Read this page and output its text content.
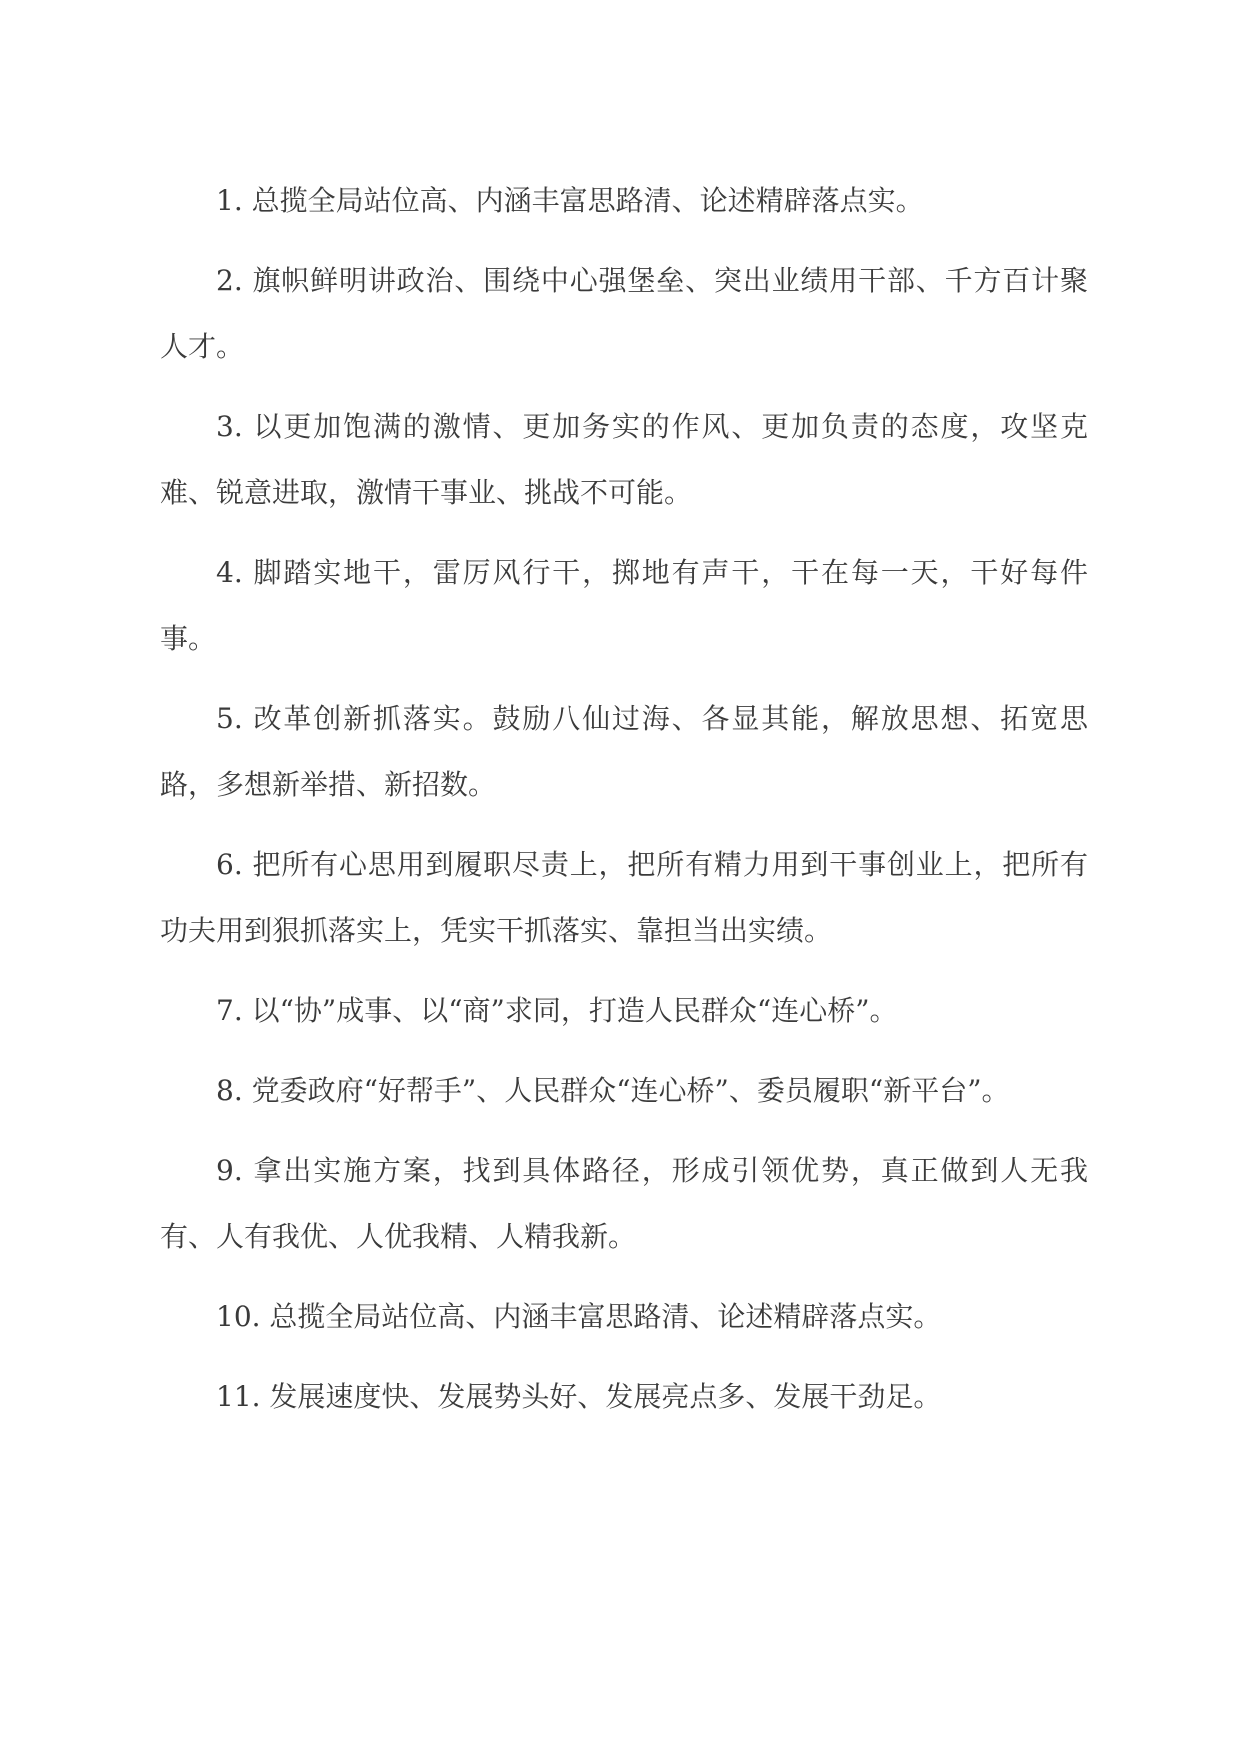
1. 总揽全局站位高、内涵丰富思路清、论述精辟落点实。

2. 旗帜鲜明讲政治、围绕中心强堡垒、突出业绩用干部、千方百计聚人才。

3. 以更加饱满的激情、更加务实的作风、更加负责的态度，攻坚克难、锐意进取，激情干事业、挑战不可能。

4. 脚踏实地干，雷厉风行干，掷地有声干，干在每一天，干好每件事。

5. 改革创新抓落实。鼓励八仙过海、各显其能，解放思想、拓宽思路，多想新举措、新招数。

6. 把所有心思用到履职尽责上，把所有精力用到干事创业上，把所有功夫用到狠抓落实上，凭实干抓落实、靠担当出实绩。

7. 以“协”成事、以“商”求同，打造人民群众“连心桥”。

8. 党委政府“好帮手”、人民群众“连心桥”、委员履职“新平台”。

9. 拿出实施方案，找到具体路径，形成引领优势，真正做到人无我有、人有我优、人优我精、人精我新。

10. 总揽全局站位高、内涵丰富思路清、论述精辟落点实。

11. 发展速度快、发展势头好、发展亮点多、发展干劲足。
